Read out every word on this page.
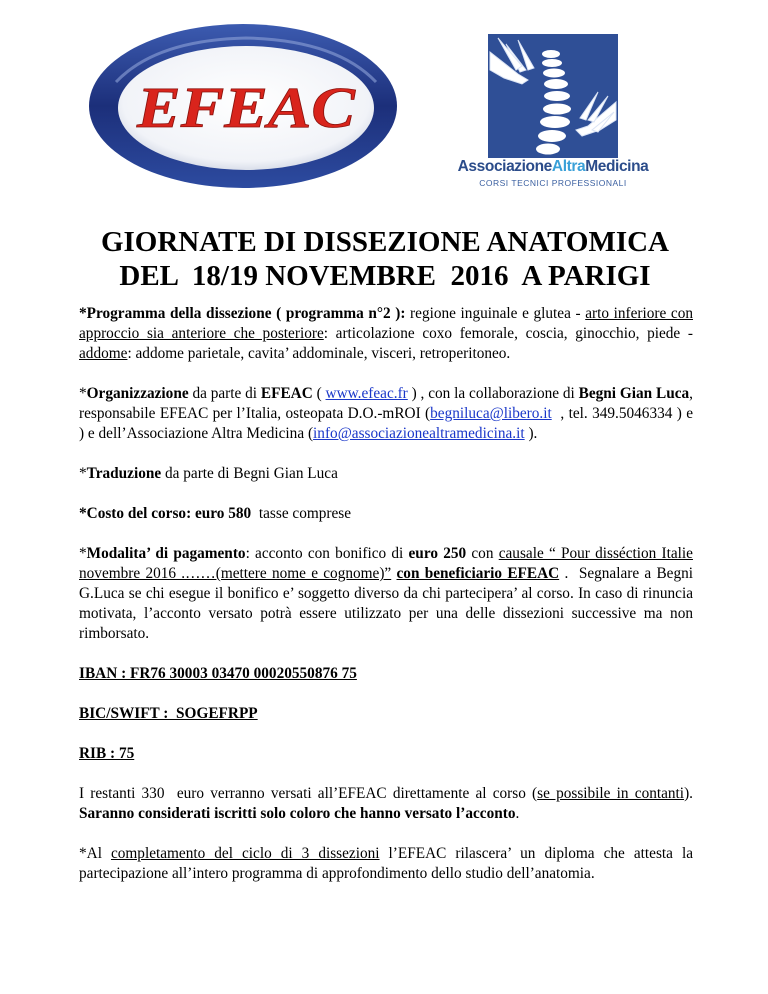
EFEAC
AssociazioneAltraMedicina
CORSI TECNICI PROFESSIONALI
GIORNATE DI DISSEZIONE ANATOMICA
DEL  18/19 NOVEMBRE  2016  A PARIGI

*Programma della dissezione ( programma n°2 ): regione inguinale e glutea - arto inferiore con approccio sia anteriore che posteriore: articolazione coxo femorale, coscia, ginocchio, piede -  addome: addome parietale, cavita’ addominale, visceri, retroperitoneo.

*Organizzazione da parte di EFEAC ( www.efeac.fr ) , con la collaborazione di Begni Gian Luca, responsabile EFEAC per l’Italia, osteopata D.O.-mROI (begniluca@libero.it  , tel. 349.5046334 ) e ) e dell’Associazione Altra Medicina (info@associazionealtramedicina.it ).

*Traduzione da parte di Begni Gian Luca

*Costo del corso: euro 580  tasse comprese

*Modalita’ di pagamento: acconto con bonifico di euro 250 con causale “ Pour disséction Italie novembre 2016 .……(mettere nome e cognome)” con beneficiario EFEAC .  Segnalare a Begni G.Luca se chi esegue il bonifico e’ soggetto diverso da chi partecipera’ al corso. In caso di rinuncia motivata, l’acconto versato potrà essere utilizzato per una delle dissezioni successive ma non rimborsato.

IBAN : FR76 30003 03470 00020550876 75

BIC/SWIFT :  SOGEFRPP

RIB : 75

I restanti 330  euro verranno versati all’EFEAC direttamente al corso (se possibile in contanti).  Saranno considerati iscritti solo coloro che hanno versato l’acconto.

*Al completamento del ciclo di 3 dissezioni l’EFEAC rilascera’ un diploma che attesta la partecipazione all’intero programma di approfondimento dello studio dell’anatomia.
